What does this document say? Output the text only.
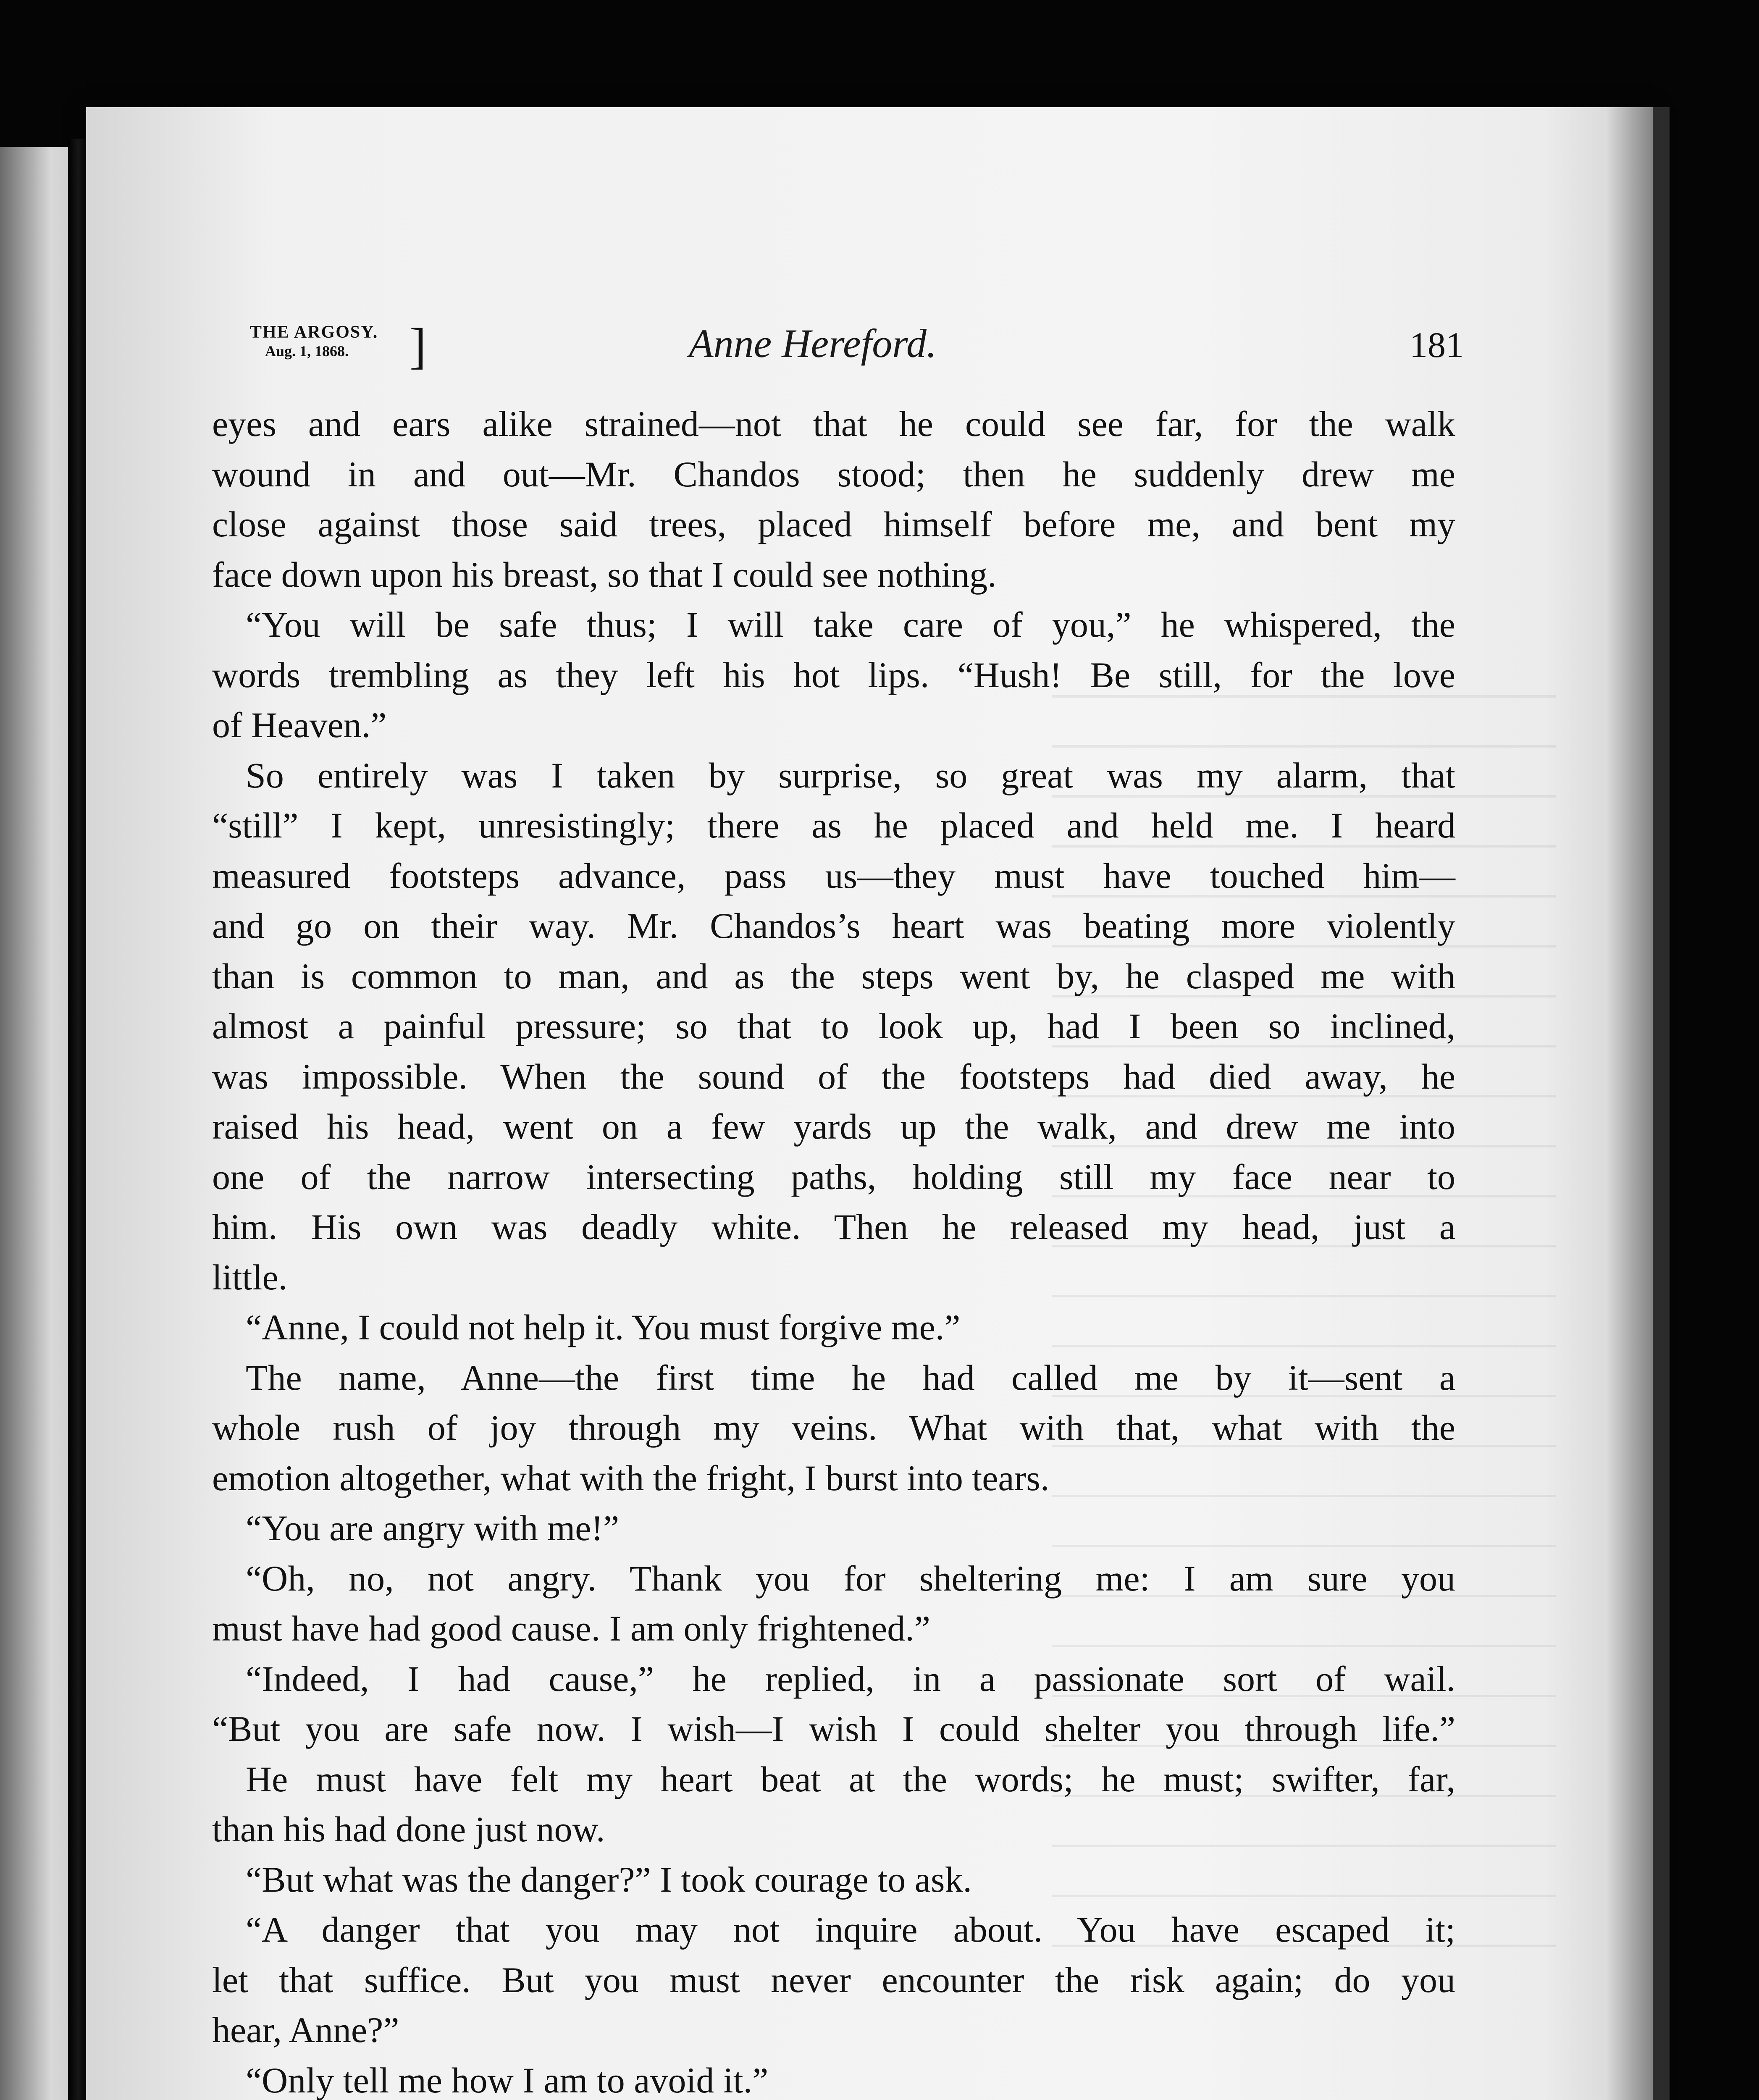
THE ARGOSY.
Aug. 1, 1868.	]	Anne Hereford.	181
eyes and ears alike strained—not that he could see far, for the walk
wound in and out—Mr. Chandos stood; then he suddenly drew me
close against those said trees, placed himself before me, and bent my
face down upon his breast, so that I could see nothing.
“You will be safe thus; I will take care of you,” he whispered, the
words trembling as they left his hot lips. “Hush! Be still, for the love
of Heaven.”
So entirely was I taken by surprise, so great was my alarm, that
“still” I kept, unresistingly; there as he placed and held me. I heard
measured footsteps advance, pass us—they must have touched him—
and go on their way. Mr. Chandos’s heart was beating more violently
than is common to man, and as the steps went by, he clasped me with
almost a painful pressure; so that to look up, had I been so inclined,
was impossible. When the sound of the footsteps had died away, he
raised his head, went on a few yards up the walk, and drew me into
one of the narrow intersecting paths, holding still my face near to
him. His own was deadly white. Then he released my head, just a
little.
“Anne, I could not help it. You must forgive me.”
The name, Anne—the first time he had called me by it—sent a
whole rush of joy through my veins. What with that, what with the
emotion altogether, what with the fright, I burst into tears.
“You are angry with me!”
“Oh, no, not angry. Thank you for sheltering me: I am sure you
must have had good cause. I am only frightened.”
“Indeed, I had cause,” he replied, in a passionate sort of wail.
“But you are safe now. I wish—I wish I could shelter you through life.”
He must have felt my heart beat at the words; he must; swifter, far,
than his had done just now.
“But what was the danger?” I took courage to ask.
“A danger that you may not inquire about. You have escaped it;
let that suffice. But you must never encounter the risk again; do you
hear, Anne?”
“Only tell me how I am to avoid it.”
